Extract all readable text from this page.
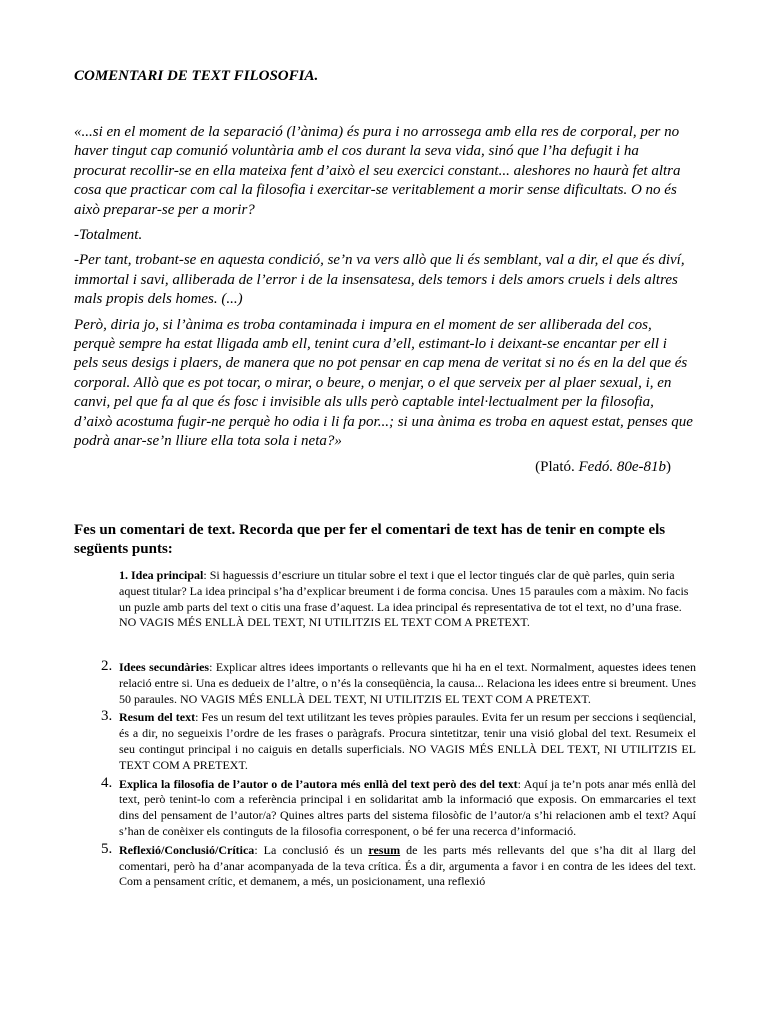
COMENTARI DE TEXT FILOSOFIA.

«...si en el moment de la separació (l’ànima) és pura i no arrossega amb ella res de corporal, per no haver tingut cap comunió voluntària amb el cos durant la seva vida, sinó que l’ha defugit i ha procurat recollir-se en ella mateixa fent d’això el seu exercici constant... aleshores no haurà fet altra cosa que practicar com cal la filosofia i exercitar-se veritablement a morir sense dificultats. O no és això preparar-se per a morir?

-Totalment.

-Per tant, trobant-se en aquesta condició, se’n va vers allò que li és semblant, val a dir, el que és diví, immortal i savi, alliberada de l’error i de la insensatesa, dels temors i dels amors cruels i dels altres mals propis dels homes. (...)

Però, diria jo, si l’ànima es troba contaminada i impura en el moment de ser alliberada del cos, perquè sempre ha estat lligada amb ell, tenint cura d’ell, estimant-lo i deixant-se encantar per ell i pels seus desigs i plaers, de manera que no pot pensar en cap mena de veritat si no és en la del que és corporal. Allò que es pot tocar, o mirar, o beure, o menjar, o el que serveix per al plaer sexual, i, en canvi, pel que fa al que és fosc i invisible als ulls però captable intel·lectualment per la filosofia, d’això acostuma fugir-ne perquè ho odia i li fa por...; si una ànima es troba en aquest estat, penses que podrà anar-se’n lliure ella tota sola i neta?»

(Plató. Fedó. 80e-81b)

Fes un comentari de text. Recorda que per fer el comentari de text has de tenir en compte els següents punts:

1. Idea principal: Si haguessis d’escriure un titular sobre el text i que el lector tingués clar de què parles, quin seria aquest titular? La idea principal s’ha d’explicar breument i de forma concisa. Unes 15 paraules com a màxim. No facis un puzle amb parts del text o citis una frase d’aquest. La idea principal és representativa de tot el text, no d’una frase. NO VAGIS MÉS ENLLÀ DEL TEXT, NI UTILITZIS EL TEXT COM A PRETEXT.
2. Idees secundàries: Explicar altres idees importants o rellevants que hi ha en el text. Normalment, aquestes idees tenen relació entre si. Una es dedueix de l’altre, o n’és la conseqüència, la causa... Relaciona les idees entre si breument. Unes 50 paraules. NO VAGIS MÉS ENLLÀ DEL TEXT, NI UTILITZIS EL TEXT COM A PRETEXT.
3. Resum del text: Fes un resum del text utilitzant les teves pròpies paraules. Evita fer un resum per seccions i seqüencial, és a dir, no segueixis l’ordre de les frases o paràgrafs. Procura sintetitzar, tenir una visió global del text. Resumeix el seu contingut principal i no caiguis en detalls superficials. NO VAGIS MÉS ENLLÀ DEL TEXT, NI UTILITZIS EL TEXT COM A PRETEXT.
4. Explica la filosofia de l’autor o de l’autora més enllà del text però des del text: Aquí ja te’n pots anar més enllà del text, però tenint-lo com a referència principal i en solidaritat amb la informació que exposis. On emmarcaries el text dins del pensament de l’autor/a? Quines altres parts del sistema filosòfic de l’autor/a s’hi relacionen amb el text? Aquí s’han de conèixer els continguts de la filosofia corresponent, o bé fer una recerca d’informació.
5. Reflexió/Conclusió/Crítica: La conclusió és un resum de les parts més rellevants del que s’ha dit al llarg del comentari, però ha d’anar acompanyada de la teva crítica. És a dir, argumenta a favor i en contra de les idees del text. Com a pensament crític, et demanem, a més, un posicionament, una reflexió
